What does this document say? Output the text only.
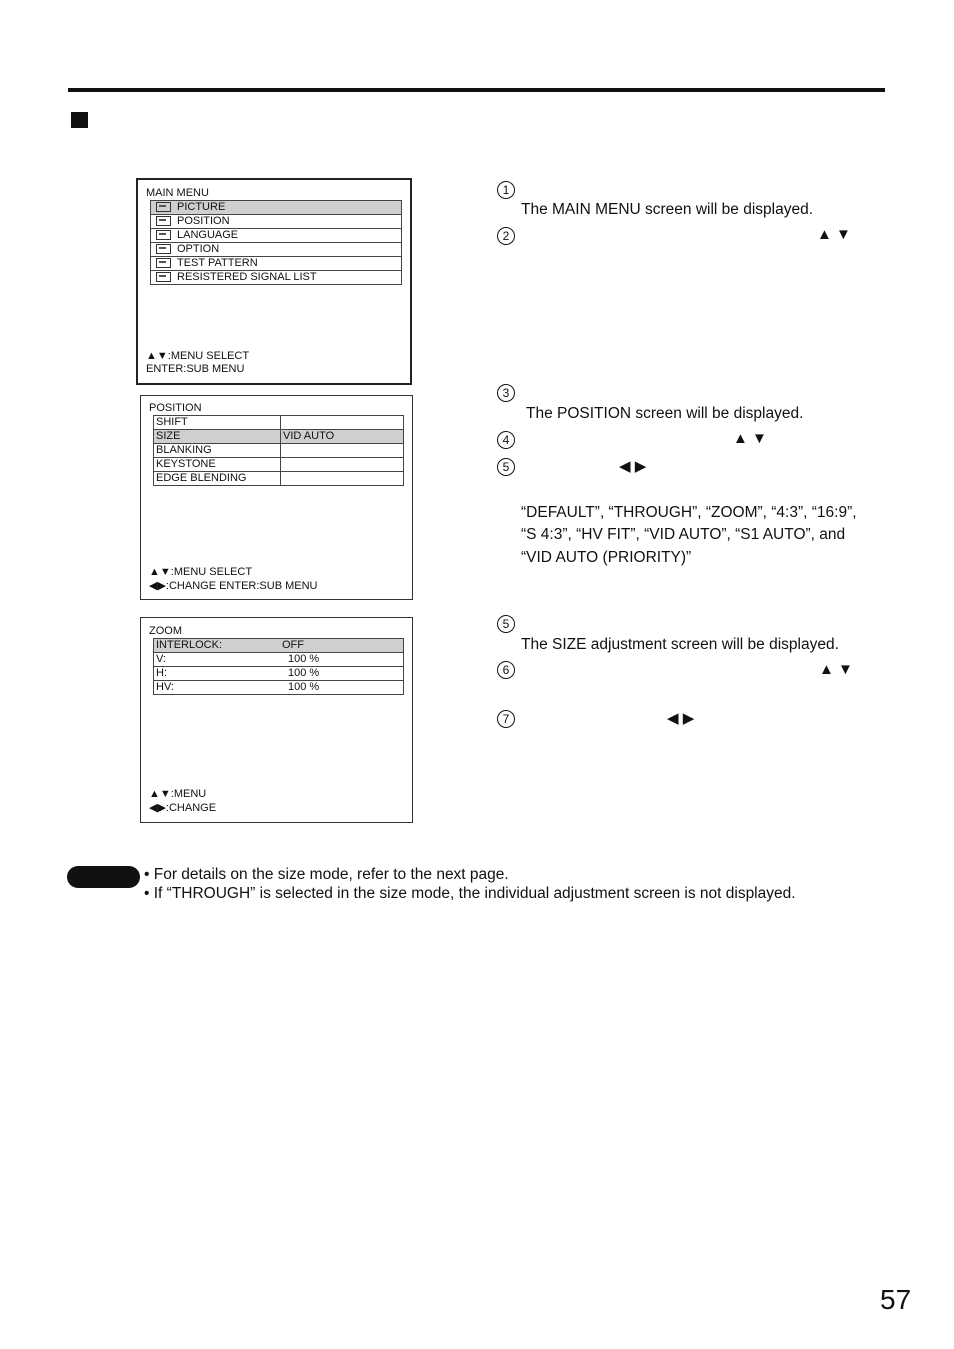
MAIN MENU
PICTURE
POSITION
LANGUAGE
OPTION
TEST PATTERN
RESISTERED SIGNAL LIST
▲▼:MENU SELECT
ENTER:SUB MENU
POSITION
SHIFT	
SIZE	VID AUTO
BLANKING	
KEYSTONE	
EDGE BLENDING	
▲▼:MENU SELECT
◀▶:CHANGE ENTER:SUB MENU
ZOOM
INTERLOCK:	OFF
V:	100 %
H:	100 %
HV:	100 %
▲▼:MENU
◀▶:CHANGE
1
The MAIN MENU screen will be displayed.
2	▲ ▼
3
The POSITION screen will be displayed.
4	▲ ▼
5	◀ ▶
“DEFAULT”, “THROUGH”, “ZOOM”, “4:3”, “16:9”,
“S 4:3”, “HV FIT”, “VID AUTO”, “S1 AUTO”, and
“VID AUTO (PRIORITY)”
5
The SIZE adjustment screen will be displayed.
6	▲ ▼
7	◀ ▶
• For details on the size mode, refer to the next page.
• If “THROUGH” is selected in the size mode, the individual adjustment screen is not displayed.
57
